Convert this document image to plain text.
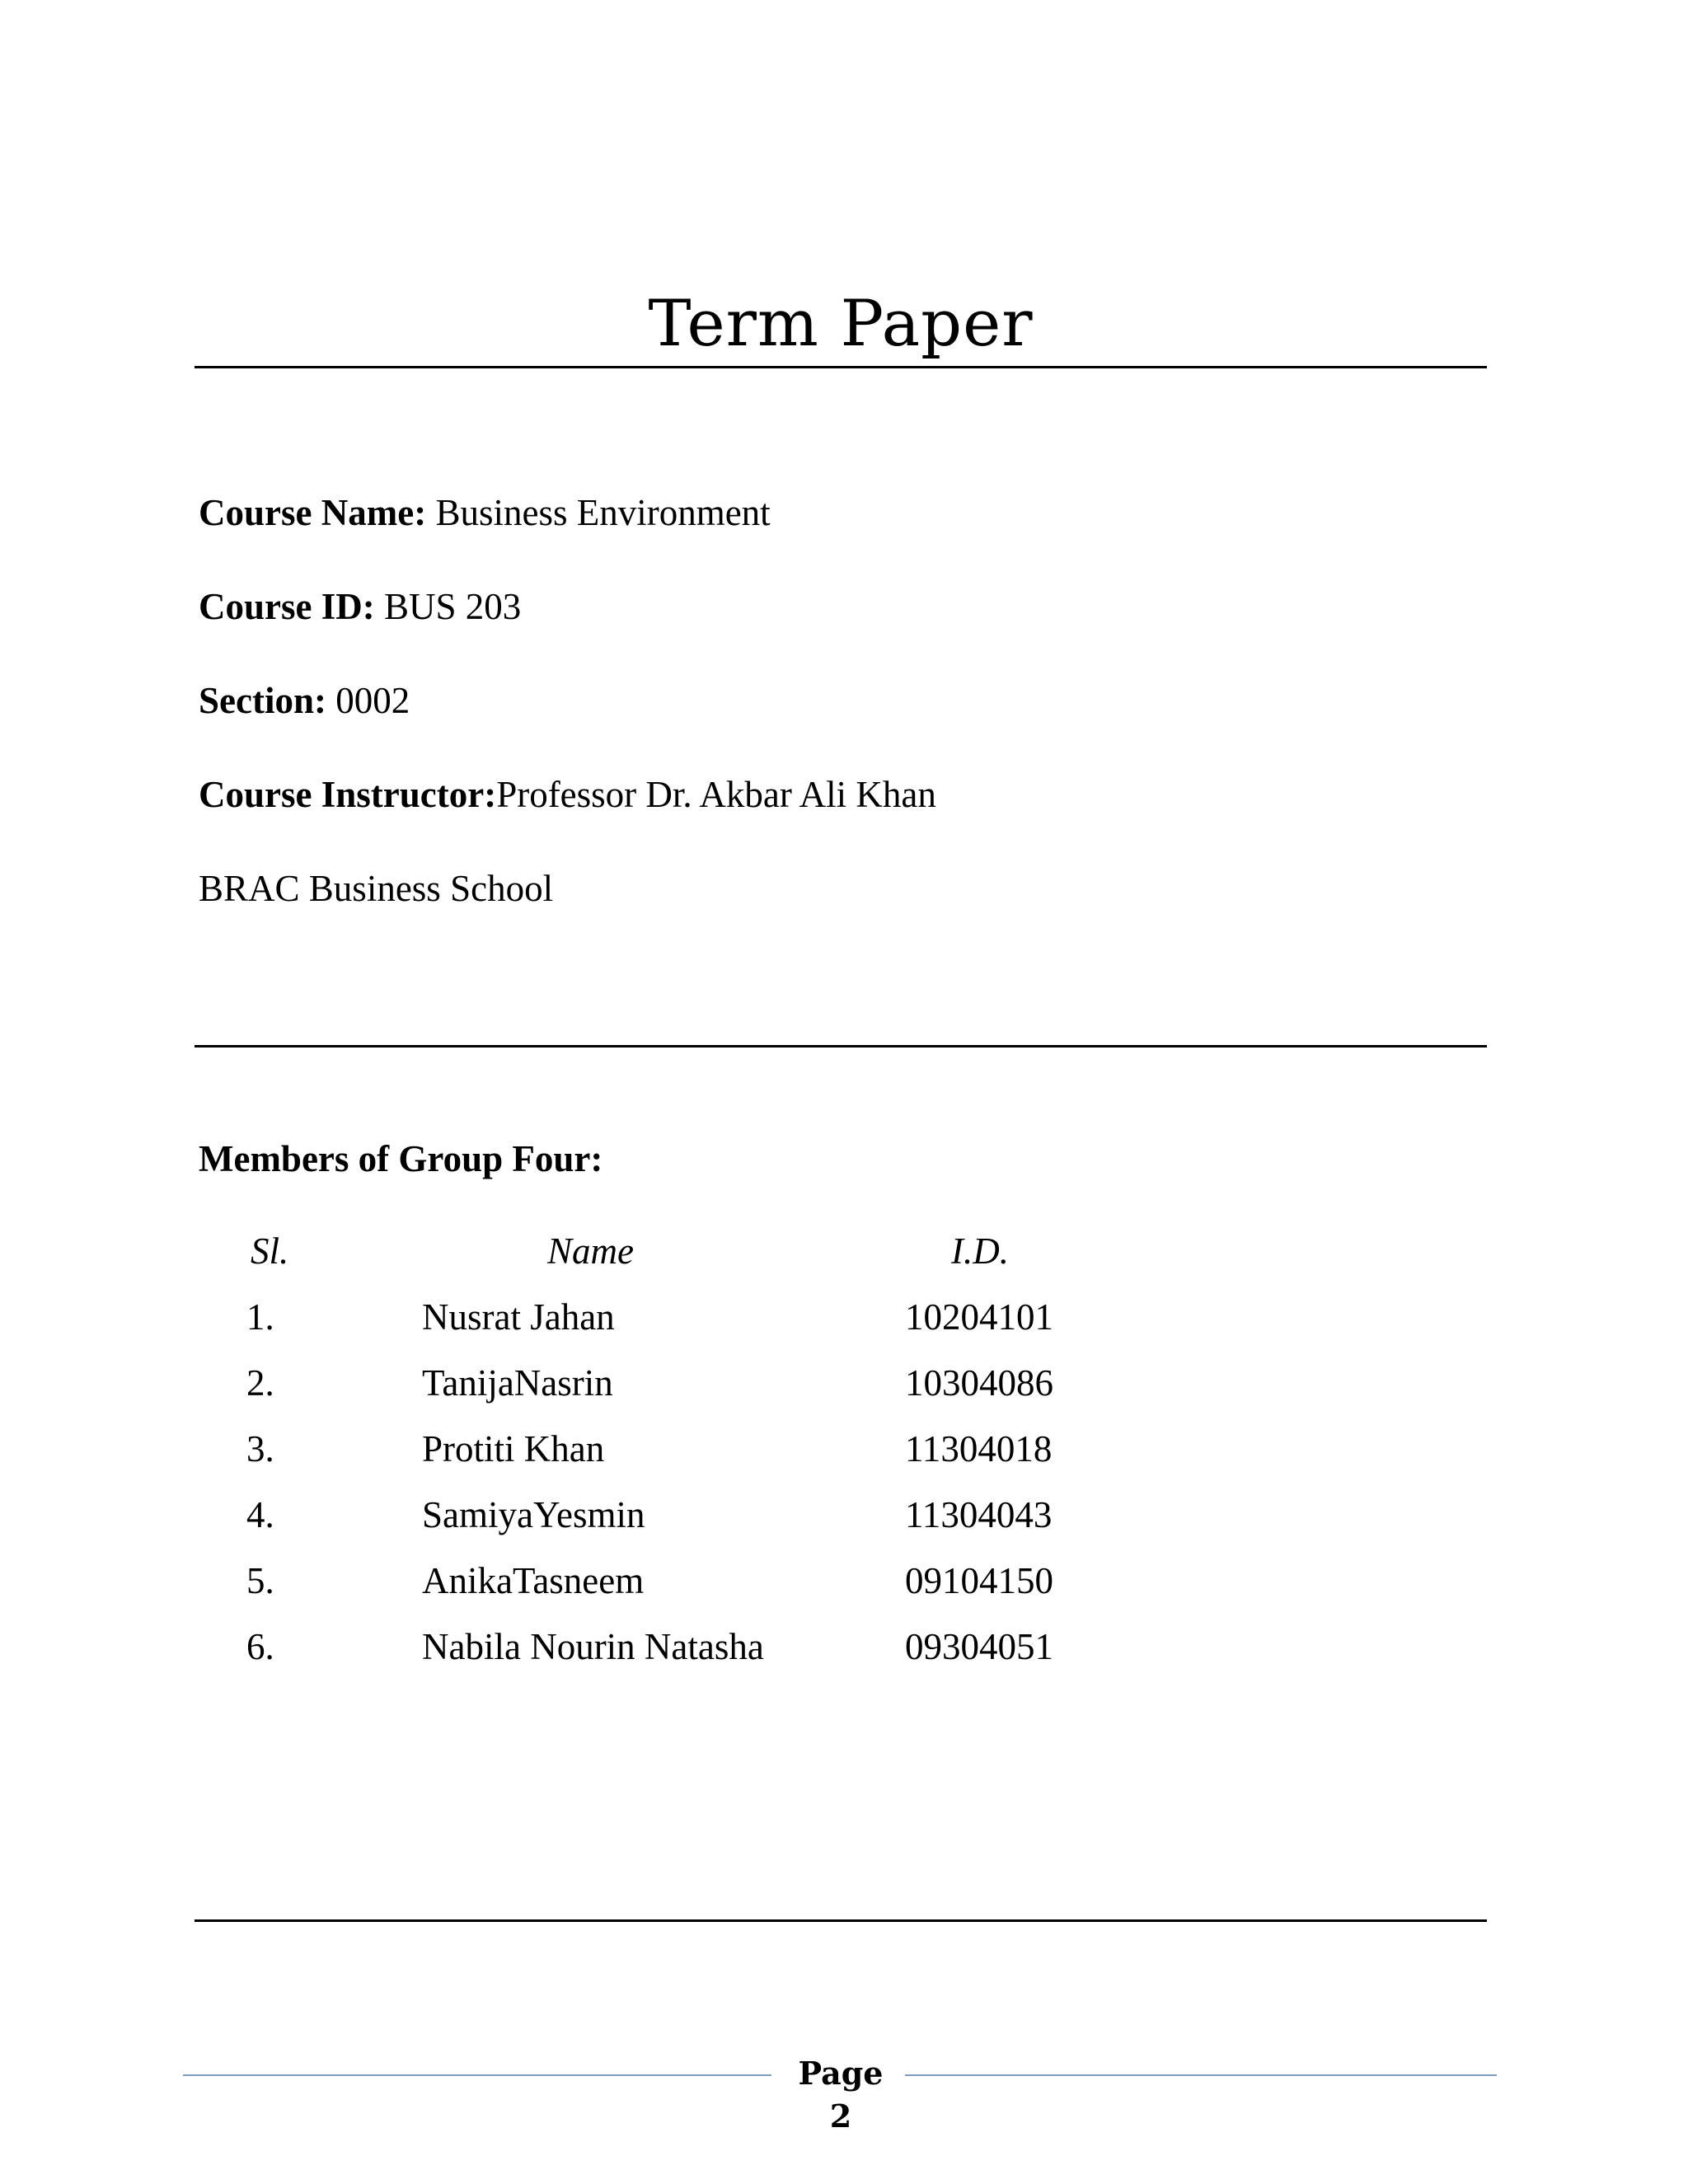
Term Paper
Course Name: Business Environment
Course ID: BUS 203
Section: 0002
Course Instructor:Professor Dr. Akbar Ali Khan
BRAC Business School
Members of Group Four:
Sl.	Name	I.D.
1.	Nusrat Jahan	10204101
2.	TanijaNasrin	10304086
3.	Protiti Khan	11304018
4.	SamiyaYesmin	11304043
5.	AnikaTasneem	09104150
6.	Nabila Nourin Natasha	09304051
Page 2
